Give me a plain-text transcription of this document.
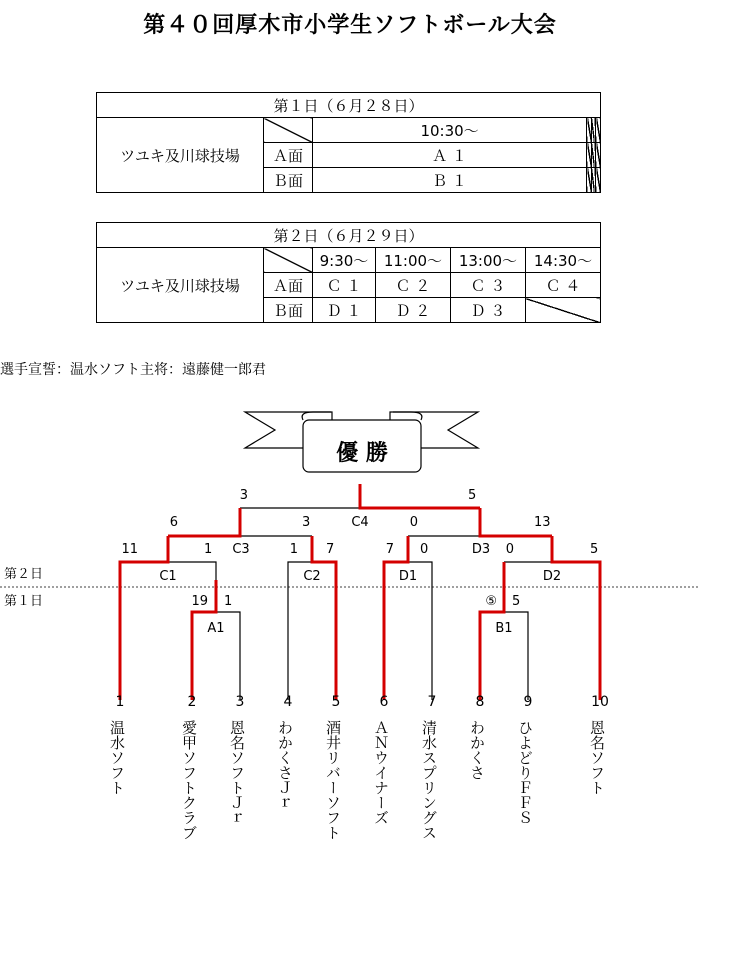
第４０回厚木市小学生ソフトボール大会
第１日（６月２８日）					
ツユキ及川球技場		10:30～			
	Ａ面	Ａ １			
	Ｂ面	Ｂ １			
第２日（６月２９日）					
ツユキ及川球技場		9:30～	11:00～	13:00～	14:30～
	Ａ面	Ｃ １	Ｃ ２	Ｃ ３	Ｃ ４
	Ｂ面	Ｄ １	Ｄ ２	Ｄ ３	
選手宣誓：温水ソフト主将：遠藤健一郎君
優 勝
第２日
第１日
A1
19 1
B1
⑤ 5
C1
11	1
C2
1 7
D1
7 0
D2
0	5
C3
6	3
D3
0	13
C4
3	5
1
温水ソフト
2
愛甲ソフトクラブ
3
恩名ソフトＪｒ
4
わかくさＪｒ
5
酒井リバーソフト
6
ＡＮウイナーズ
7
清水スプリングス
8
わかくさ
9
ひよどりＦＦＳ
10
恩名ソフト
